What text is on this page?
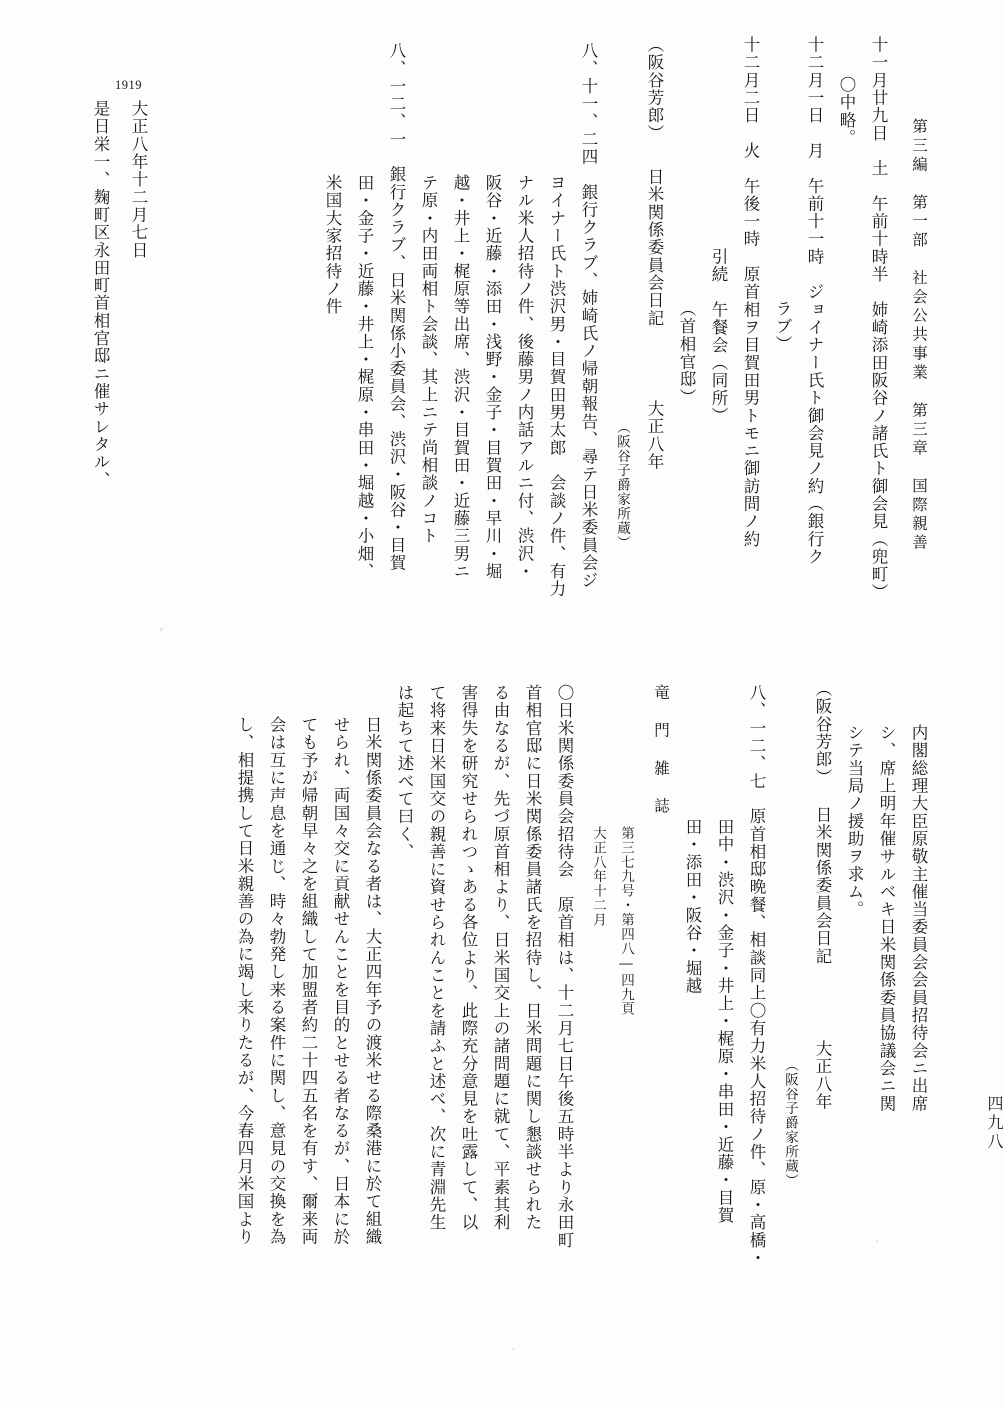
第三編　第一部　社会公共事業　第三章　国際親善
四九八
十一月廿九日　土　午前十時半　姉崎添田阪谷ノ諸氏ト御会見（兜町）
〇中略。
十二月一日　月　午前十一時　ジョイナー氏ト御会見ノ約（銀行ク
ラブ）
十二月二日　火　午後一時　原首相ヲ目賀田男トモニ御訪問ノ約
引続　午餐会（同所）
（首相官邸）
（阪谷芳郎）
日米関係委員会日記
大正八年
（阪谷子爵家所蔵）
八、十一、二四　銀行クラブ、姉崎氏ノ帰朝報告、尋テ日米委員会ジ
ヨイナー氏ト渋沢男・目賀田男太郎　会談ノ件、有力
ナル米人招待ノ件、後藤男ノ内話アルニ付、渋沢・
阪谷・近藤・添田・浅野・金子・目賀田・早川・堀
越・井上・梶原等出席、渋沢・目賀田・近藤三男ニ
テ原・内田両相ト会談、其上ニテ尚相談ノコト
八、一二、一　銀行クラブ、日米関係小委員会、渋沢・阪谷・目賀
田・金子・近藤・井上・梶原・串田・堀越・小畑、
米国大家招待ノ件
1919
大正八年十二月七日
是日栄一、麹町区永田町首相官邸ニ催サレタル、
内閣総理大臣原敬主催当委員会会員招待会ニ出席
シ、席上明年催サルベキ日米関係委員協議会ニ関
シテ当局ノ援助ヲ求ム。
（阪谷芳郎）
日米関係委員会日記
大正八年
（阪谷子爵家所蔵）
八、一二、七　原首相邸晩餐、相談同上〇有力米人招待ノ件、原・高橋・
田中・渋沢・金子・井上・梶原・串田・近藤・目賀
田・添田・阪谷・堀越
竜　門　雑　誌
第三七九号・第四八―四九頁
大正八年十二月
〇日米関係委員会招待会　原首相は、十二月七日午後五時半より永田町
首相官邸に日米関係委員諸氏を招待し、日米問題に関し懇談せられた
る由なるが、先づ原首相より、日米国交上の諸問題に就て、平素其利
害得失を研究せられつゝある各位より、此際充分意見を吐露して、以
て将来日米国交の親善に資せられんことを請ふと述べ、次に青淵先生
は起ちて述べて曰く、
日米関係委員会なる者は、大正四年予の渡米せる際桑港に於て組織
せられ、両国々交に貢献せんことを目的とせる者なるが、日本に於
ても予が帰朝早々之を組織して加盟者約二十四五名を有す、爾来両
会は互に声息を通じ、時々勃発し来る案件に関し、意見の交換を為
し、相提携して日米親善の為に竭し来りたるが、今春四月米国より
